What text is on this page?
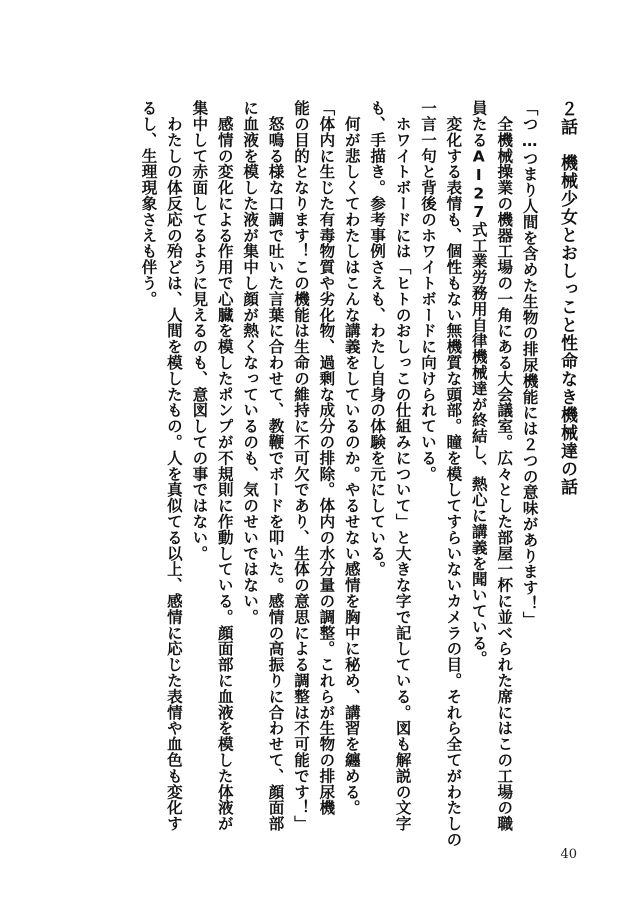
２話　機械少女とおしっこと性命なき機械達の話
「つ…つまり人間を含めた生物の排尿機能には２つの意味があります！」
　全機械操業の機器工場の一角にある大会議室。広々とした部屋一杯に並べられた席にはこの工場の職
員たるAI27式工業労務用自律機械達が終結し、熱心に講義を聞いている。
　変化する表情も、個性もない無機質な頭部。瞳を模してすらいないカメラの目。それら全てがわたしの
一言一句と背後のホワイトボードに向けられている。
　ホワイトボードには「ヒトのおしっこの仕組みについて」と大きな字で記している。図も解説の文字
も、手描き。参考事例さえも、わたし自身の体験を元にしている。
　何が悲しくてわたしはこんな講義をしているのか。やるせない感情を胸中に秘め、講習を纏める。
「体内に生じた有毒物質や劣化物、過剰な成分の排除。体内の水分量の調整。これらが生物の排尿機
能の目的となります！この機能は生命の維持に不可欠であり、生体の意思による調整は不可能です！」
　怒鳴る様な口調で吐いた言葉に合わせて、教鞭でボードを叩いた。感情の高振りに合わせて、顔面部
に血液を模した液が集中し顔が熱くなっているのも、気のせいではない。
　感情の変化による作用で心臓を模したポンプが不規則に作動している。顔面部に血液を模した体液が
集中して赤面してるように見えるのも、意図しての事ではない。
　わたしの体反応の殆どは、人間を模したもの。人を真似てる以上、感情に応じた表情や血色も変化す
るし、生理現象さえも伴う。
40
